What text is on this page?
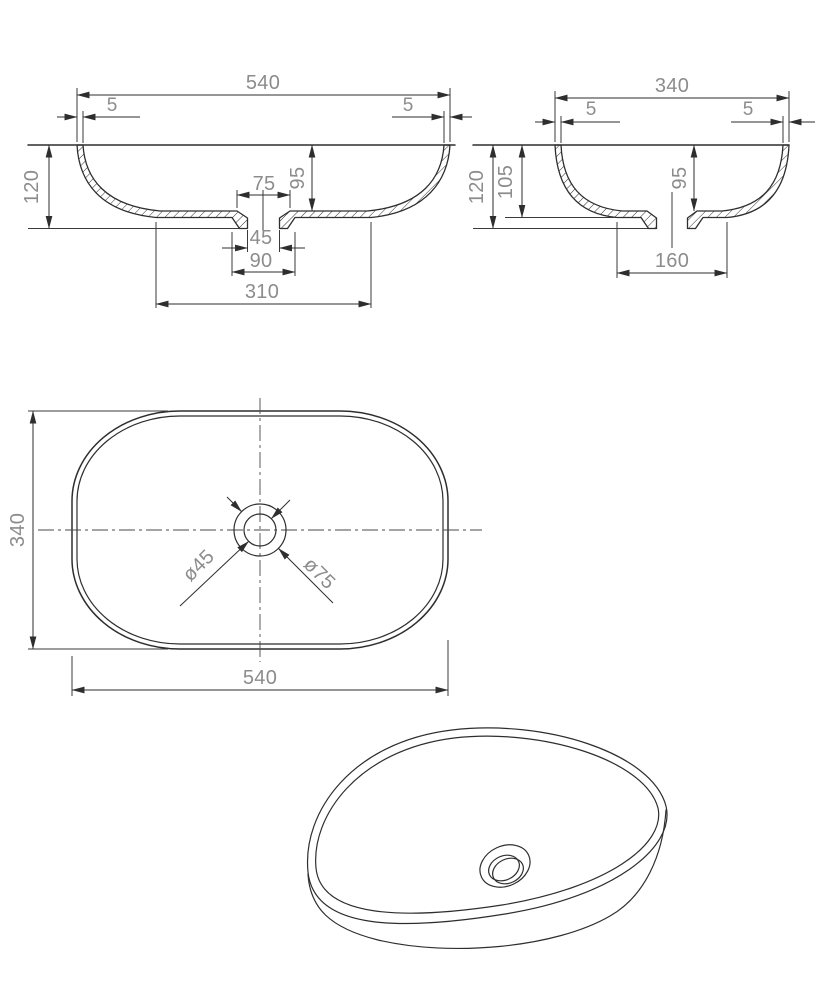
540
5	5
120	95
75
45
90
310
340
5	5
120 105	95
160
ø45	ø75
340
540
